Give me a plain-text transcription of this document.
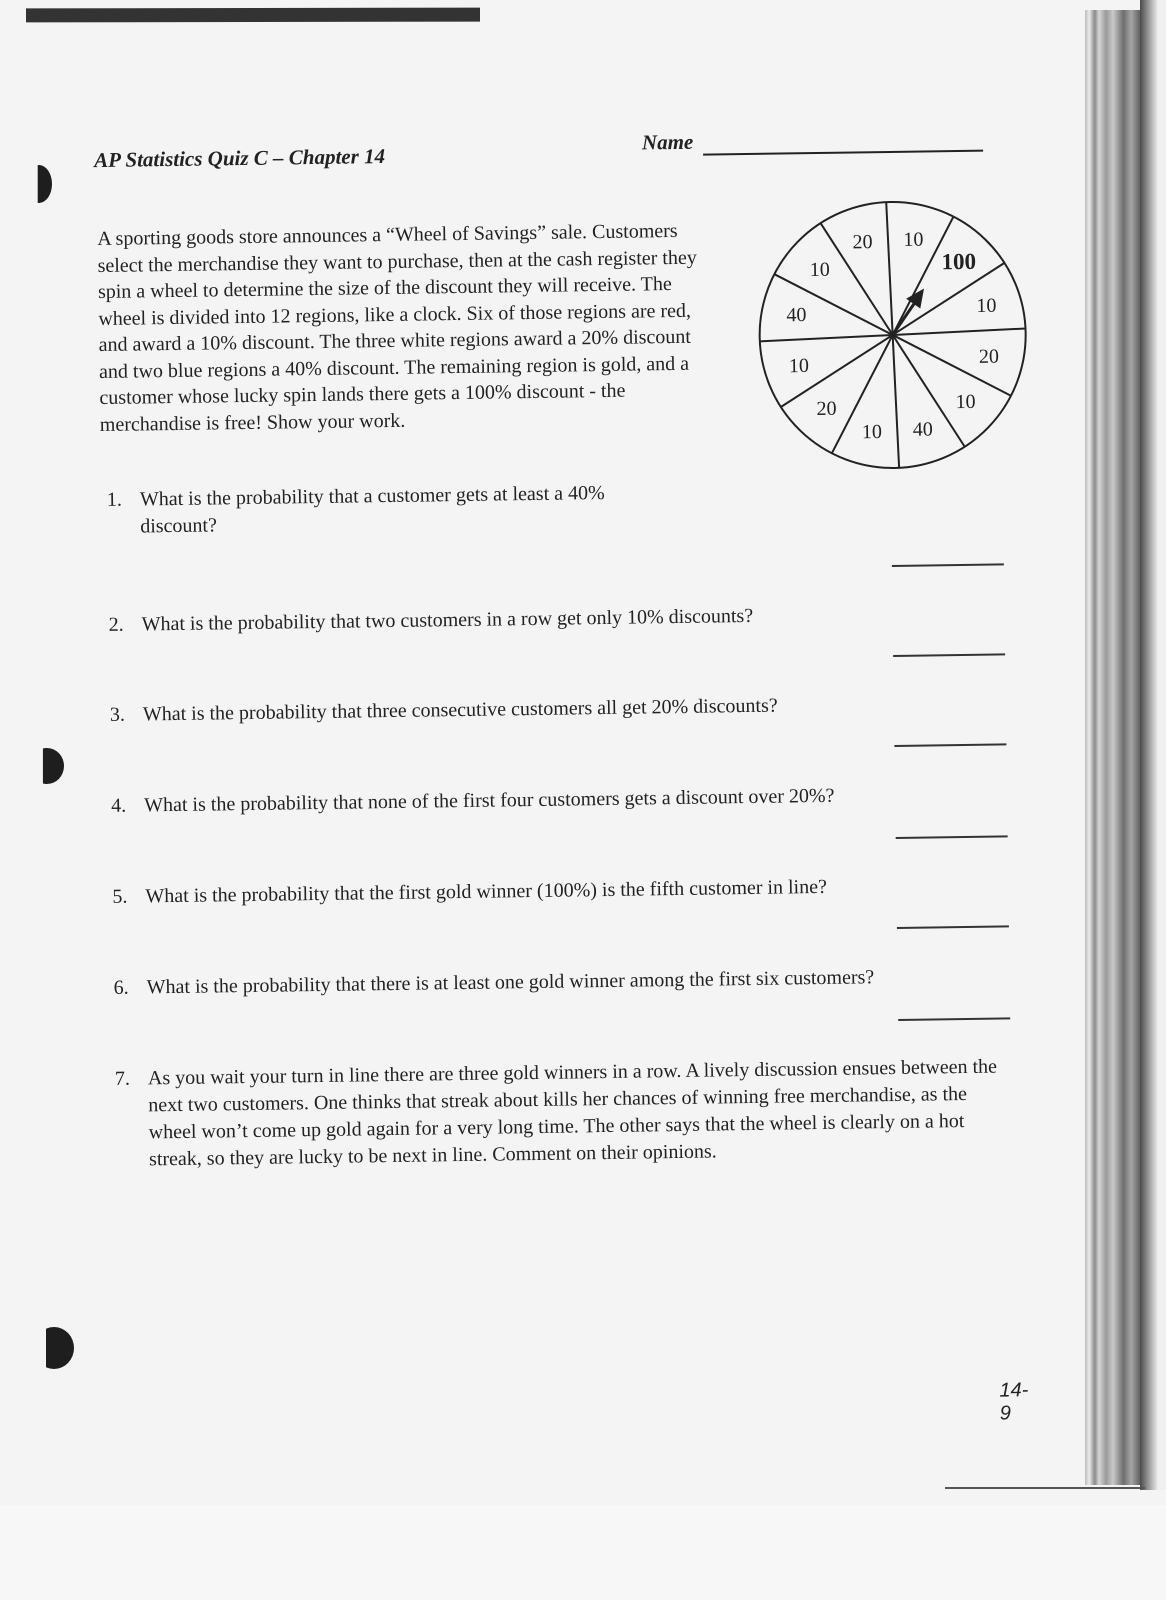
AP Statistics Quiz C – Chapter 14
Name
A sporting goods store announces a “Wheel of Savings” sale. Customers select the merchandise they want to purchase, then at the cash register they spin a wheel to determine the size of the discount they will receive. The wheel is divided into 12 regions, like a clock. Six of those regions are red, and award a 10% discount. The three white regions award a 20% discount and two blue regions a 40% discount. The remaining region is gold, and a customer whose lucky spin lands there gets a 100% discount - the merchandise is free! Show your work.
10
100
10
20
10
40
10
20
10
40
10
20
1. What is the probability that a customer gets at least a 40% discount?
2. What is the probability that two customers in a row get only 10% discounts?
3. What is the probability that three consecutive customers all get 20% discounts?
4. What is the probability that none of the first four customers gets a discount over 20%?
5. What is the probability that the first gold winner (100%) is the fifth customer in line?
6. What is the probability that there is at least one gold winner among the first six customers?
7. As you wait your turn in line there are three gold winners in a row. A lively discussion ensues between the next two customers. One thinks that streak about kills her chances of winning free merchandise, as the wheel won’t come up gold again for a very long time. The other says that the wheel is clearly on a hot streak, so they are lucky to be next in line. Comment on their opinions.
14-9
